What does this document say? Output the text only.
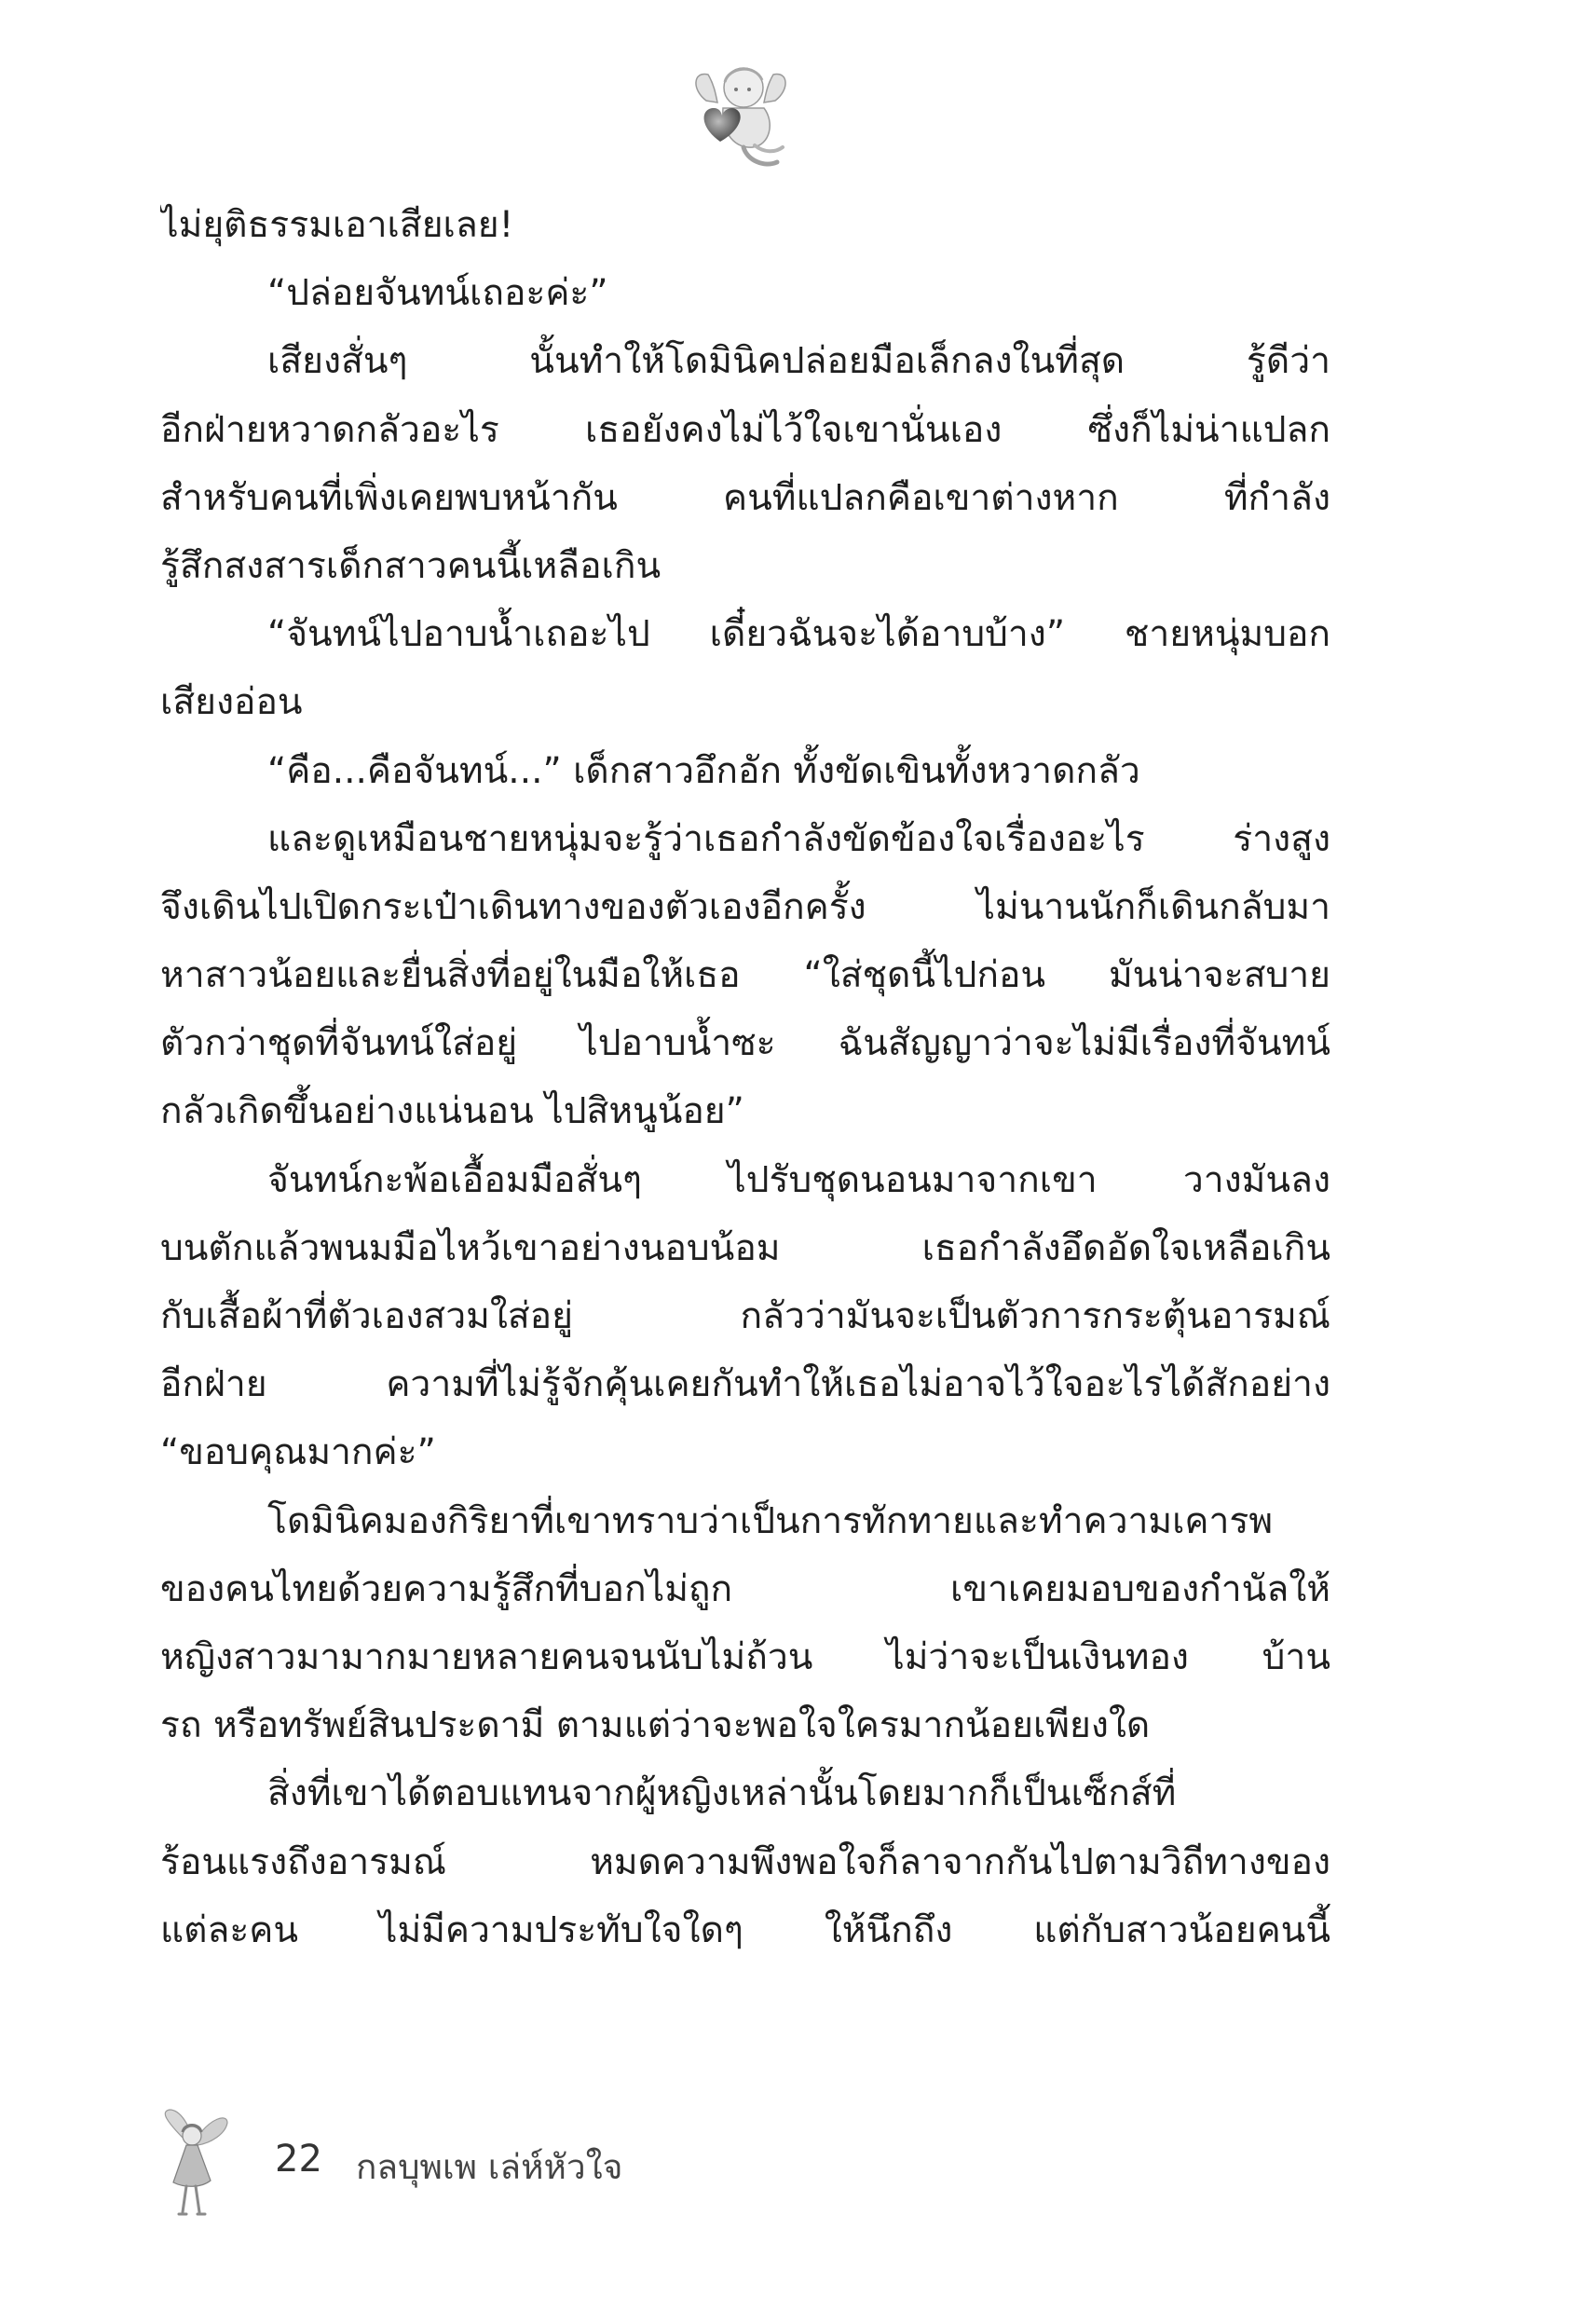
ไม่ยุติธรรมเอาเสียเลย!
“ปล่อยจันทน์เถอะค่ะ”
เสียงสั่นๆ นั้นทำให้โดมินิคปล่อยมือเล็กลงในที่สุด รู้ดีว่า
อีกฝ่ายหวาดกลัวอะไร เธอยังคงไม่ไว้ใจเขานั่นเอง ซึ่งก็ไม่น่าแปลก
สำหรับคนที่เพิ่งเคยพบหน้ากัน คนที่แปลกคือเขาต่างหาก ที่กำลัง
รู้สึกสงสารเด็กสาวคนนี้เหลือเกิน
“จันทน์ไปอาบน้ำเถอะไป เดี๋ยวฉันจะได้อาบบ้าง” ชายหนุ่มบอก
เสียงอ่อน
“คือ...คือจันทน์...” เด็กสาวอึกอัก ทั้งขัดเขินทั้งหวาดกลัว
และดูเหมือนชายหนุ่มจะรู้ว่าเธอกำลังขัดข้องใจเรื่องอะไร ร่างสูง
จึงเดินไปเปิดกระเป๋าเดินทางของตัวเองอีกครั้ง ไม่นานนักก็เดินกลับมา
หาสาวน้อยและยื่นสิ่งที่อยู่ในมือให้เธอ “ใส่ชุดนี้ไปก่อน มันน่าจะสบาย
ตัวกว่าชุดที่จันทน์ใส่อยู่ ไปอาบน้ำซะ ฉันสัญญาว่าจะไม่มีเรื่องที่จันทน์
กลัวเกิดขึ้นอย่างแน่นอน ไปสิหนูน้อย”
จันทน์กะพ้อเอื้อมมือสั่นๆ ไปรับชุดนอนมาจากเขา วางมันลง
บนตักแล้วพนมมือไหว้เขาอย่างนอบน้อม เธอกำลังอึดอัดใจเหลือเกิน
กับเสื้อผ้าที่ตัวเองสวมใส่อยู่ กลัวว่ามันจะเป็นตัวการกระตุ้นอารมณ์
อีกฝ่าย ความที่ไม่รู้จักคุ้นเคยกันทำให้เธอไม่อาจไว้ใจอะไรได้สักอย่าง
“ขอบคุณมากค่ะ”
โดมินิคมองกิริยาที่เขาทราบว่าเป็นการทักทายและทำความเคารพ
ของคนไทยด้วยความรู้สึกที่บอกไม่ถูก เขาเคยมอบของกำนัลให้
หญิงสาวมามากมายหลายคนจนนับไม่ถ้วน ไม่ว่าจะเป็นเงินทอง บ้าน
รถ หรือทรัพย์สินประดามี ตามแต่ว่าจะพอใจใครมากน้อยเพียงใด
สิ่งที่เขาได้ตอบแทนจากผู้หญิงเหล่านั้นโดยมากก็เป็นเซ็กส์ที่
ร้อนแรงถึงอารมณ์ หมดความพึงพอใจก็ลาจากกันไปตามวิถีทางของ
แต่ละคน ไม่มีความประทับใจใดๆ ให้นึกถึง แต่กับสาวน้อยคนนี้
22 กลบุพเพ เล่ห์หัวใจ
